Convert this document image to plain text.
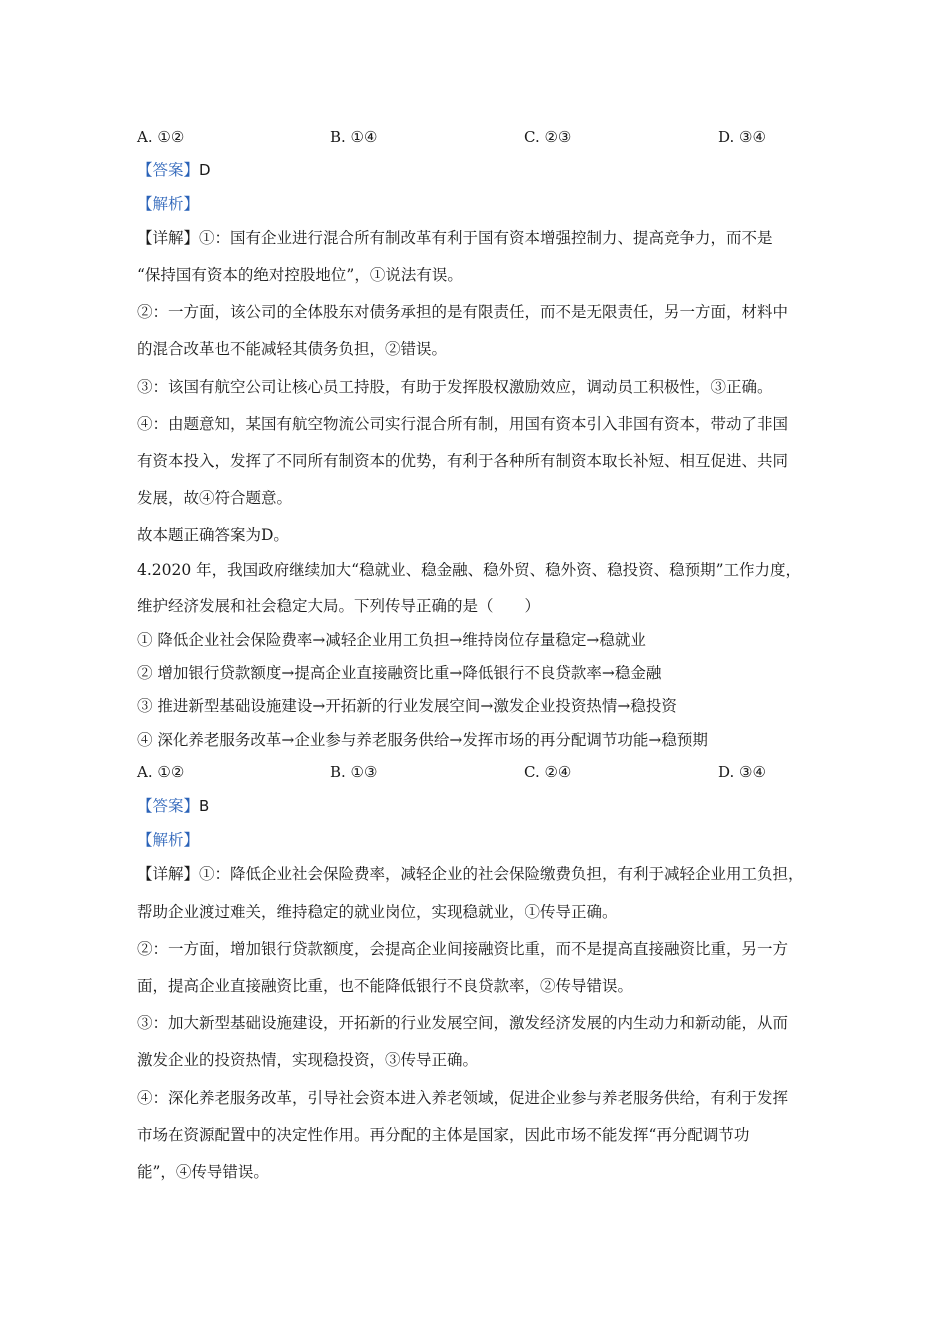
A. ①②	B. ①④	C. ②③	D. ③④
【答案】D
【解析】
【详解】①：国有企业进行混合所有制改革有利于国有资本增强控制力、提高竞争力，而不是
“保持国有资本的绝对控股地位”，①说法有误。
②：一方面，该公司的全体股东对债务承担的是有限责任，而不是无限责任，另一方面，材料中
的混合改革也不能减轻其债务负担，②错误。
③：该国有航空公司让核心员工持股，有助于发挥股权激励效应，调动员工积极性，③正确。
④：由题意知，某国有航空物流公司实行混合所有制，用国有资本引入非国有资本，带动了非国
有资本投入，发挥了不同所有制资本的优势，有利于各种所有制资本取长补短、相互促进、共同
发展，故④符合题意。
故本题正确答案为D。
4.2020 年，我国政府继续加大“稳就业、稳金融、稳外贸、稳外资、稳投资、稳预期”工作力度，
维护经济发展和社会稳定大局。下列传导正确的是（　　）
① 降低企业社会保险费率→减轻企业用工负担→维持岗位存量稳定→稳就业
② 增加银行贷款额度→提高企业直接融资比重→降低银行不良贷款率→稳金融
③ 推进新型基础设施建设→开拓新的行业发展空间→激发企业投资热情→稳投资
④ 深化养老服务改革→企业参与养老服务供给→发挥市场的再分配调节功能→稳预期
A. ①②	B. ①③	C. ②④	D. ③④
【答案】B
【解析】
【详解】①：降低企业社会保险费率，减轻企业的社会保险缴费负担，有利于减轻企业用工负担，
帮助企业渡过难关，维持稳定的就业岗位，实现稳就业，①传导正确。
②：一方面，增加银行贷款额度，会提高企业间接融资比重，而不是提高直接融资比重，另一方
面，提高企业直接融资比重，也不能降低银行不良贷款率，②传导错误。
③：加大新型基础设施建设，开拓新的行业发展空间，激发经济发展的内生动力和新动能，从而
激发企业的投资热情，实现稳投资，③传导正确。
④：深化养老服务改革，引导社会资本进入养老领域，促进企业参与养老服务供给，有利于发挥
市场在资源配置中的决定性作用。再分配的主体是国家，因此市场不能发挥“再分配调节功
能”，④传导错误。
